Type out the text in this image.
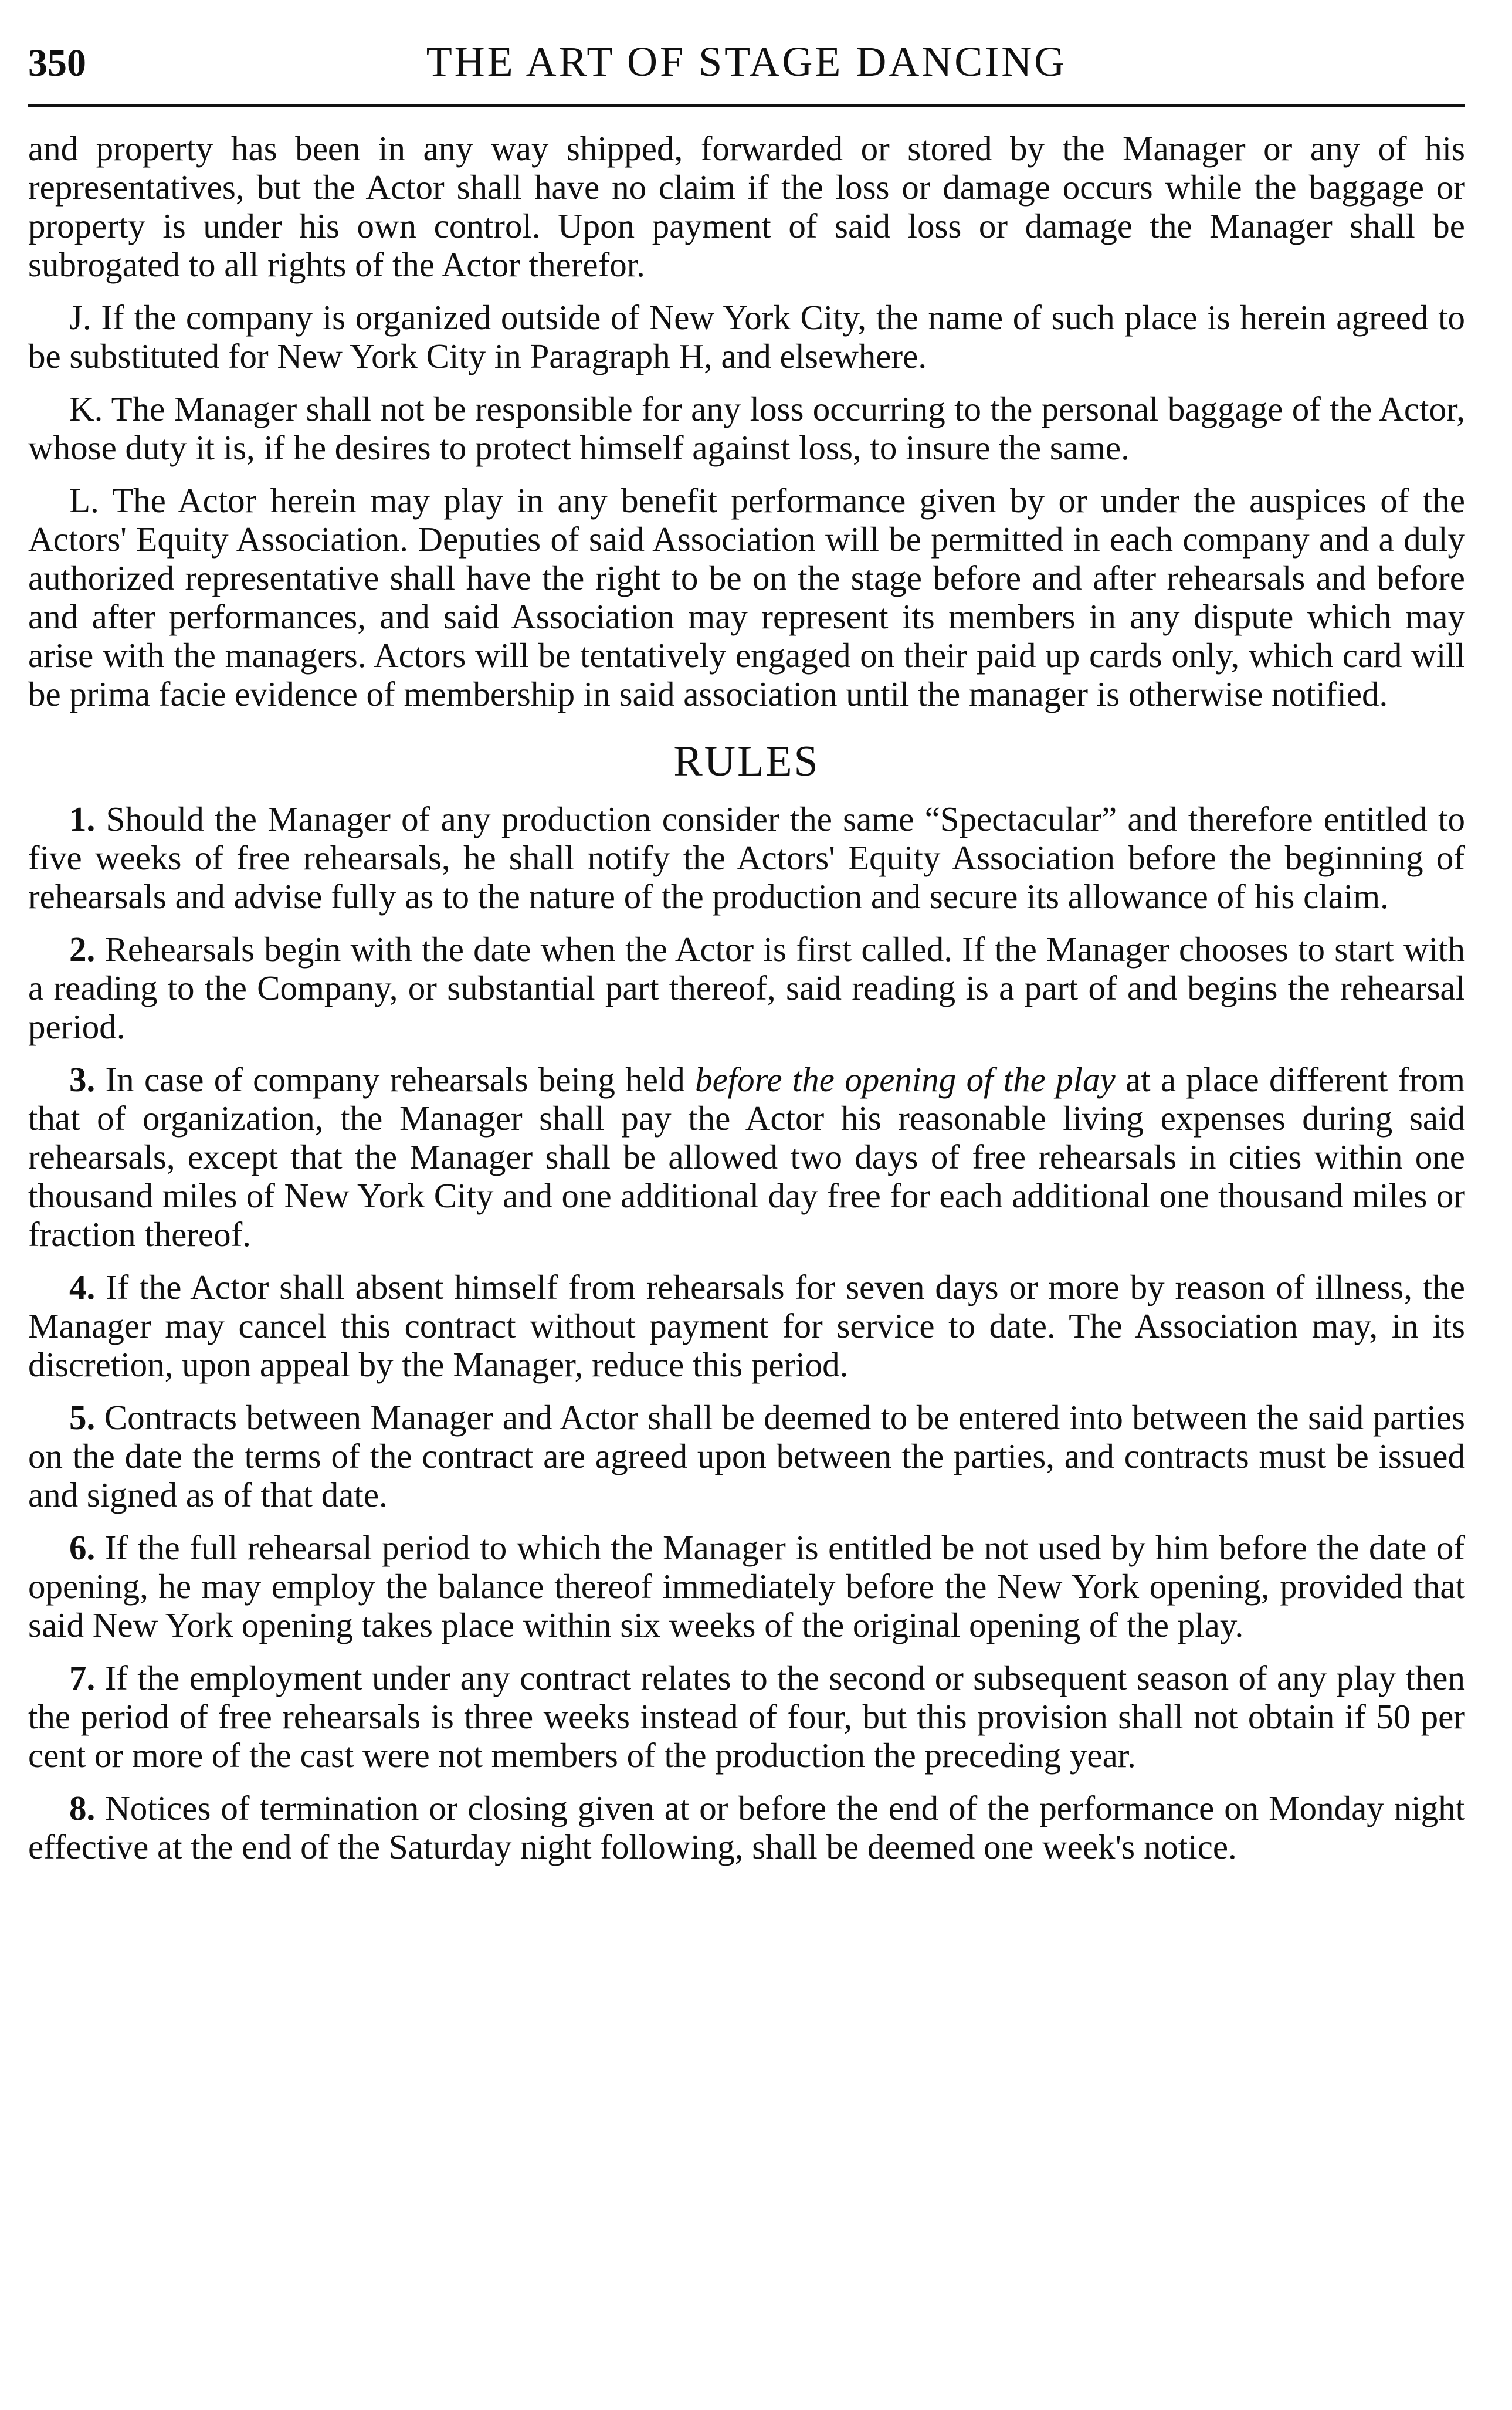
350	THE ART OF STAGE DANCING

and property has been in any way shipped, forwarded or stored by the Manager or any of his representatives, but the Actor shall have no claim if the loss or damage occurs while the baggage or property is under his own control. Upon payment of said loss or damage the Manager shall be subrogated to all rights of the Actor therefor.

J. If the company is organized outside of New York City, the name of such place is herein agreed to be substituted for New York City in Paragraph H, and elsewhere.

K. The Manager shall not be responsible for any loss occurring to the personal baggage of the Actor, whose duty it is, if he desires to protect himself against loss, to insure the same.

L. The Actor herein may play in any benefit performance given by or under the auspices of the Actors' Equity Association. Deputies of said Association will be permitted in each company and a duly authorized representative shall have the right to be on the stage before and after rehearsals and before and after performances, and said Association may represent its members in any dispute which may arise with the managers. Actors will be tentatively engaged on their paid up cards only, which card will be prima facie evidence of membership in said association until the manager is otherwise notified.

RULES

1. Should the Manager of any production consider the same “Spectacular” and therefore entitled to five weeks of free rehearsals, he shall notify the Actors' Equity Association before the beginning of rehearsals and advise fully as to the nature of the production and secure its allowance of his claim.

2. Rehearsals begin with the date when the Actor is first called. If the Manager chooses to start with a reading to the Company, or substantial part thereof, said reading is a part of and begins the rehearsal period.

3. In case of company rehearsals being held before the opening of the play at a place different from that of organization, the Manager shall pay the Actor his reasonable living expenses during said rehearsals, except that the Manager shall be allowed two days of free rehearsals in cities within one thousand miles of New York City and one additional day free for each additional one thousand miles or fraction thereof.

4. If the Actor shall absent himself from rehearsals for seven days or more by reason of illness, the Manager may cancel this contract without payment for service to date. The Association may, in its discretion, upon appeal by the Manager, reduce this period.

5. Contracts between Manager and Actor shall be deemed to be entered into between the said parties on the date the terms of the contract are agreed upon between the parties, and contracts must be issued and signed as of that date.

6. If the full rehearsal period to which the Manager is entitled be not used by him before the date of opening, he may employ the balance thereof immediately before the New York opening, provided that said New York opening takes place within six weeks of the original opening of the play.

7. If the employment under any contract relates to the second or subsequent season of any play then the period of free rehearsals is three weeks instead of four, but this provision shall not obtain if 50 per cent or more of the cast were not members of the production the preceding year.

8. Notices of termination or closing given at or before the end of the performance on Monday night effective at the end of the Saturday night following, shall be deemed one week's notice.
